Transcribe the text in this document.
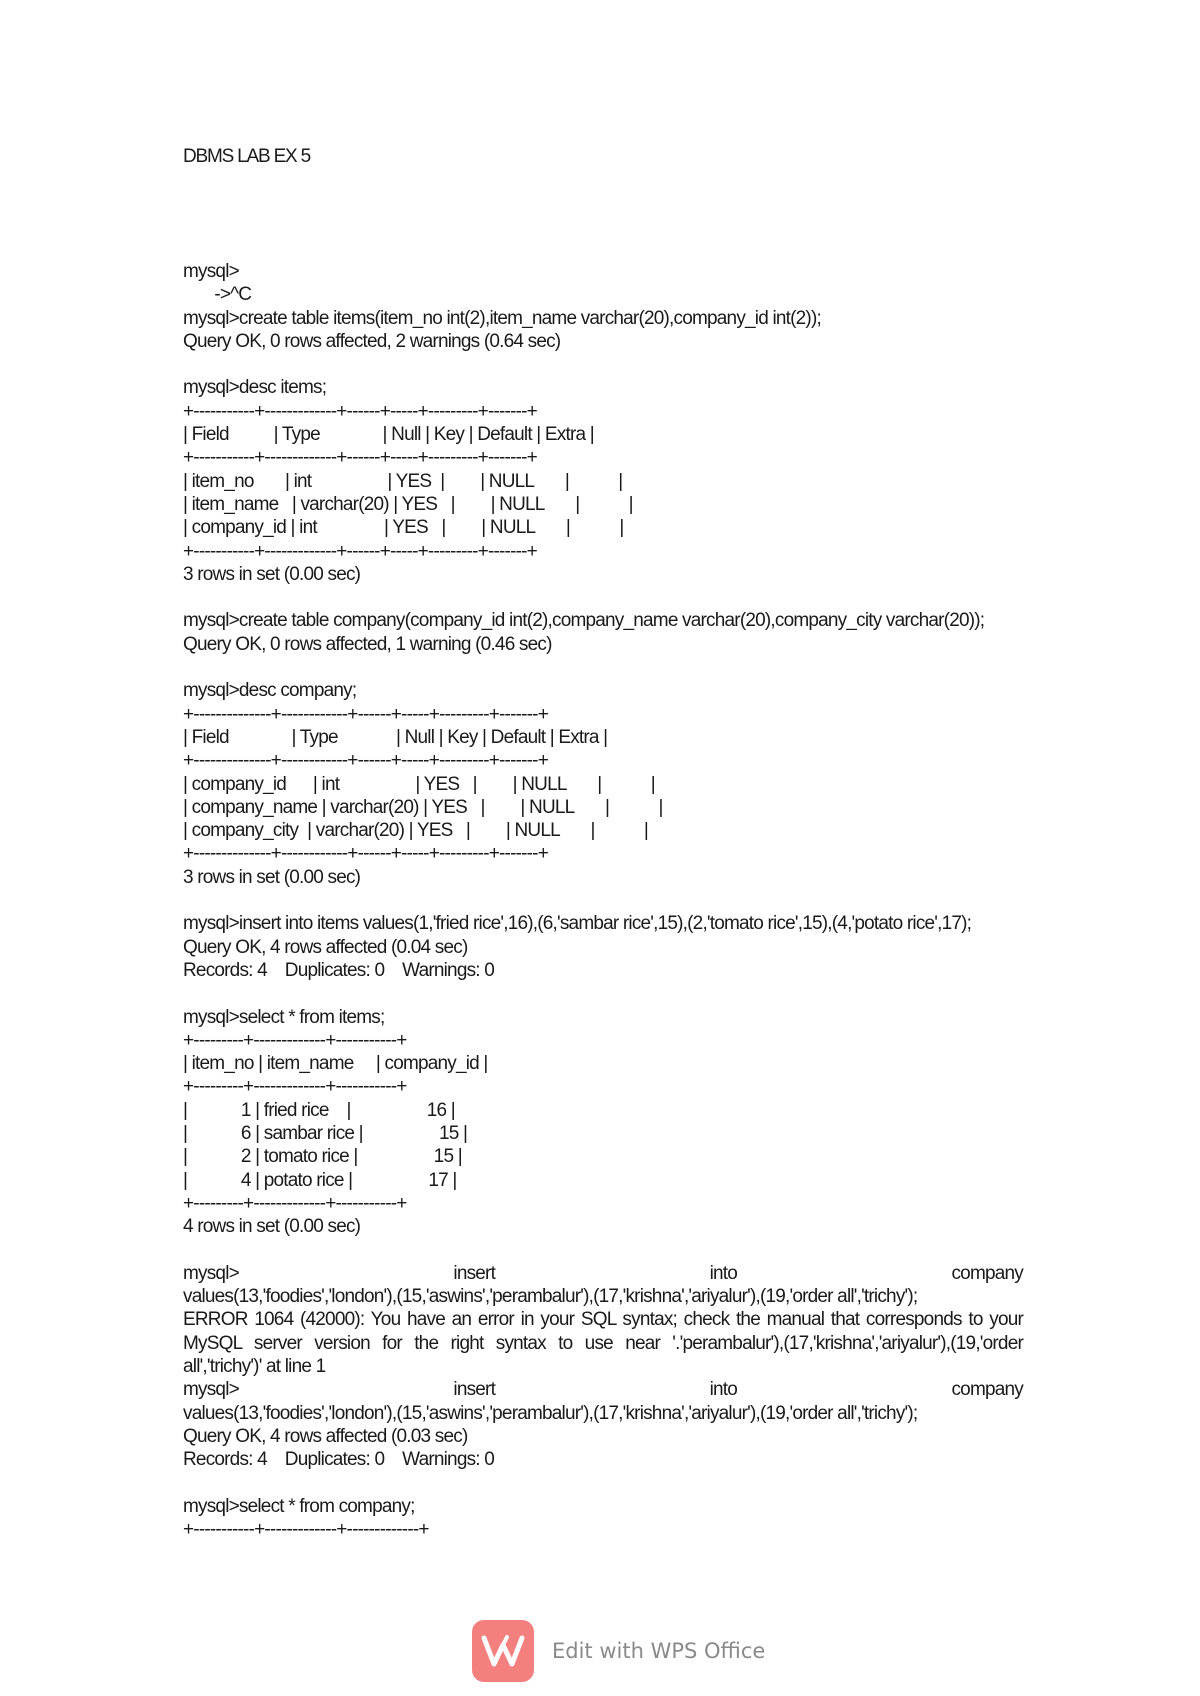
DBMS LAB EX 5
mysql>
->^C
mysql>create table items(item_no int(2),item_name varchar(20),company_id int(2));
Query OK, 0 rows affected, 2 warnings (0.64 sec)
mysql>desc items;
+-----------+-------------+------+-----+---------+-------+
| Field          | Type              | Null | Key | Default | Extra |
+-----------+-------------+------+-----+---------+-------+
| item_no       | int                 | YES  |        | NULL       |           |
| item_name   | varchar(20) | YES   |        | NULL       |           |
| company_id | int               | YES   |        | NULL       |           |
+-----------+-------------+------+-----+---------+-------+
3 rows in set (0.00 sec)
mysql>create table company(company_id int(2),company_name varchar(20),company_city varchar(20));
Query OK, 0 rows affected, 1 warning (0.46 sec)
mysql>desc company;
+--------------+------------+------+-----+---------+-------+
| Field              | Type             | Null | Key | Default | Extra |
+--------------+------------+------+-----+---------+-------+
| company_id      | int                 | YES   |        | NULL       |           |
| company_name | varchar(20) | YES   |        | NULL       |           |
| company_city  | varchar(20) | YES   |        | NULL       |           |
+--------------+------------+------+-----+---------+-------+
3 rows in set (0.00 sec)
mysql>insert into items values(1,'fried rice',16),(6,'sambar rice',15),(2,'tomato rice',15),(4,'potato rice',17);
Query OK, 4 rows affected (0.04 sec)
Records: 4    Duplicates: 0    Warnings: 0
mysql>select * from items;
+---------+-------------+-----------+
| item_no | item_name     | company_id |
+---------+-------------+-----------+
|            1 | fried rice    |                 16 |
|            6 | sambar rice |                 15 |
|            2 | tomato rice |                 15 |
|            4 | potato rice |                 17 |
+---------+-------------+-----------+
4 rows in set (0.00 sec)
mysql>	insert	into	company
values(13,'foodies','london'),(15,'aswins','perambalur'),(17,'krishna','ariyalur'),(19,'order all','trichy');
ERROR 1064 (42000): You have an error in your SQL syntax; check the manual that corresponds to your MySQL server version for the right syntax to use near '.'perambalur'),(17,'krishna','ariyalur'),(19,'order all','trichy')' at line 1
mysql>	insert	into	company
values(13,'foodies','london'),(15,'aswins','perambalur'),(17,'krishna','ariyalur'),(19,'order all','trichy');
Query OK, 4 rows affected (0.03 sec)
Records: 4    Duplicates: 0    Warnings: 0
mysql>select * from company;
+-----------+-------------+-------------+
Edit with WPS Office
